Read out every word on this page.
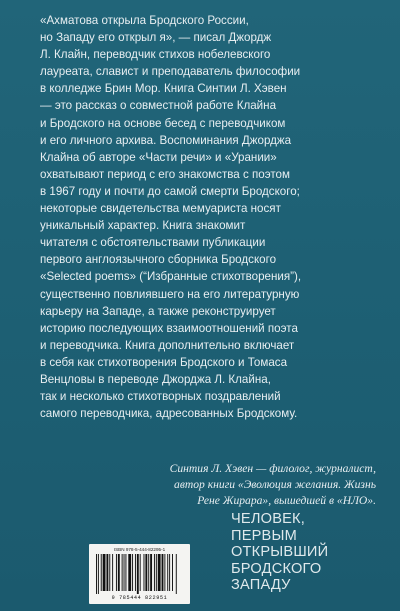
«Ахматова открыла Бродского России,
но Западу его открыл я», — писал Джордж
Л. Клайн, переводчик стихов нобелевского
лауреата, славист и преподаватель философии
в колледже Брин Мор. Книга Синтии Л. Хэвен
— это рассказ о совместной работе Клайна
и Бродского на основе бесед с переводчиком
и его личного архива. Воспоминания Джорджа
Клайна об авторе «Части речи» и «Урании»
охватывают период с его знакомства с поэтом
в 1967 году и почти до самой смерти Бродского;
некоторые свидетельства мемуариста носят
уникальный характер. Книга знакомит
читателя с обстоятельствами публикации
первого англоязычного сборника Бродского
«Selected poems» (“Избранные стихотворения”),
существенно повлиявшего на его литературную
карьеру на Западе, а также реконструирует
историю последующих взаимоотношений поэта
и переводчика. Книга дополнительно включает
в себя как стихотворения Бродского и Томаса
Венцловы в переводе Джорджа Л. Клайна,
так и несколько стихотворных поздравлений
самого переводчика, адресованных Бродскому.
Синтия Л. Хэвен — филолог, журналист,
автор книги «Эволюция желания. Жизнь
Рене Жирара», вышедшей в «НЛО».
ISBN 978-5-444-82295-1
9 785444 822951
ЧЕЛОВЕК,
ПЕРВЫМ
ОТКРЫВШИЙ
БРОДСКОГО
ЗАПАДУ
